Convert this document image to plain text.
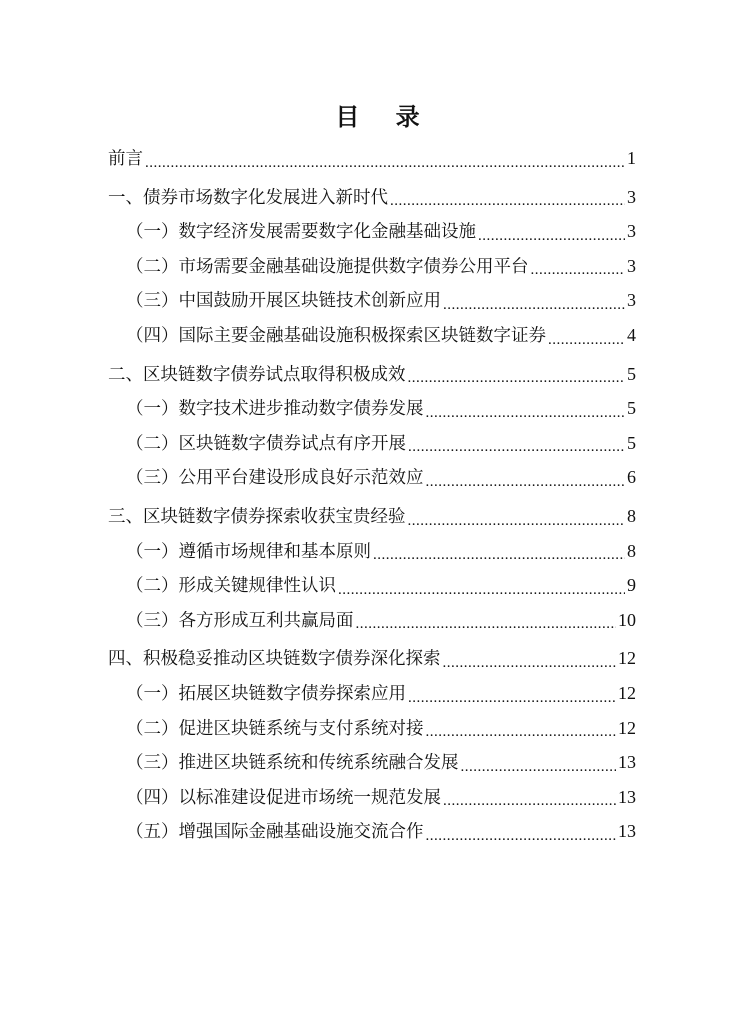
目 录
前言 .....	1
一、债券市场数字化发展进入新时代 .....	3
（一）数字经济发展需要数字化金融基础设施 .....	3
（二）市场需要金融基础设施提供数字债券公用平台 .....	3
（三）中国鼓励开展区块链技术创新应用 .....	3
（四）国际主要金融基础设施积极探索区块链数字证券 .....	4
二、区块链数字债券试点取得积极成效 .....	5
（一）数字技术进步推动数字债券发展 .....	5
（二）区块链数字债券试点有序开展 .....	5
（三）公用平台建设形成良好示范效应 .....	6
三、区块链数字债券探索收获宝贵经验 .....	8
（一）遵循市场规律和基本原则 .....	8
（二）形成关键规律性认识 .....	9
（三）各方形成互利共赢局面 .....	10
四、积极稳妥推动区块链数字债券深化探索 .....	12
（一）拓展区块链数字债券探索应用 .....	12
（二）促进区块链系统与支付系统对接 .....	12
（三）推进区块链系统和传统系统融合发展 .....	13
（四）以标准建设促进市场统一规范发展 .....	13
（五）增强国际金融基础设施交流合作 .....	13
